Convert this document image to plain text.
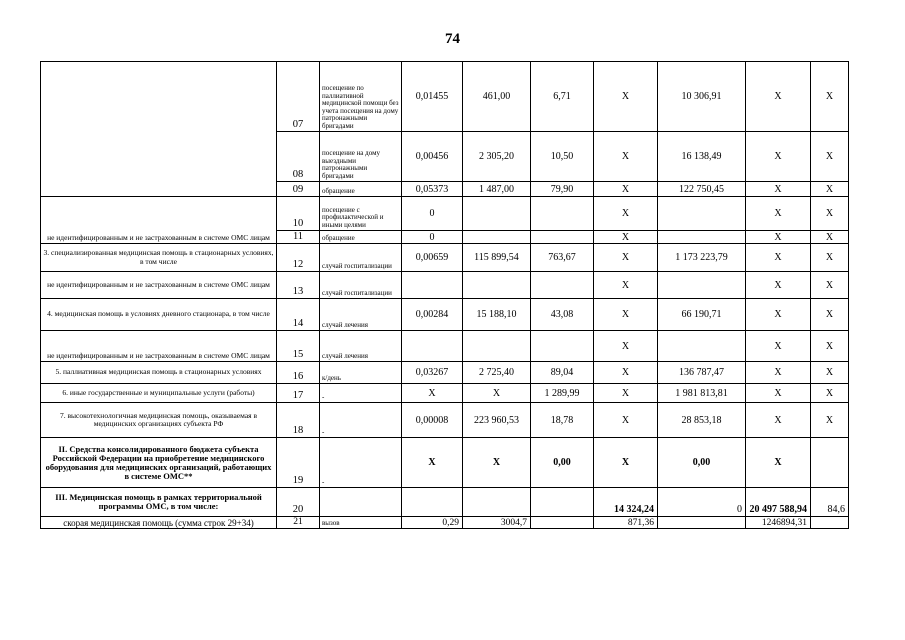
74
	07	посещение по паллиативной медицинской помощи без учета посещения на дому патронажными бригадами	0,01455	461,00	6,71	X	10 306,91	X	X
	08	посещение на дому выездными патронажными бригадами	0,00456	2 305,20	10,50	X	16 138,49	X	X
	09	обращение	0,05373	1 487,00	79,90	X	122 750,45	X	X
не идентифицированным и не застрахованным в системе ОМС лицам	10	посещение с профилактической и иными целями	0			X		X	X
	11	обращение	0			X		X	X
3. специализированная медицинская помощь в стационарных условиях, в том числе	12	случай госпитализации	0,00659	115 899,54	763,67	X	1 173 223,79	X	X
не идентифицированным и не застрахованным в системе ОМС лицам	13	случай госпитализации				X		X	X
4. медицинская помощь в условиях дневного стационара, в том числе	14	случай лечения	0,00284	15 188,10	43,08	X	66 190,71	X	X
не идентифицированным и не застрахованным в системе ОМС лицам	15	случай лечения				X		X	X
5. паллиативная медицинская помощь в стационарных условиях	16	к/день	0,03267	2 725,40	89,04	X	136 787,47	X	X
6. иные государственные и муниципальные услуги (работы)	17	-	X	X	1 289,99	X	1 981 813,81	X	X
7. высокотехнологичная медицинская помощь, оказываемая в медицинских организациях субъекта РФ	18	-	0,00008	223 960,53	18,78	X	28 853,18	X	X
II. Средства консолидированного бюджета субъекта Российской Федерации на приобретение медицинского оборудования для медицинских организаций, работающих в системе ОМС**	19	-	X	X	0,00	X	0,00	X	
III. Медицинская помощь в рамках территориальной программы ОМС, в том числе:	20					14 324,24	0	20 497 588,94	84,6
скорая медицинская помощь (сумма строк 29+34)	21	вызов	0,29	3004,7		871,36		1246894,31	
